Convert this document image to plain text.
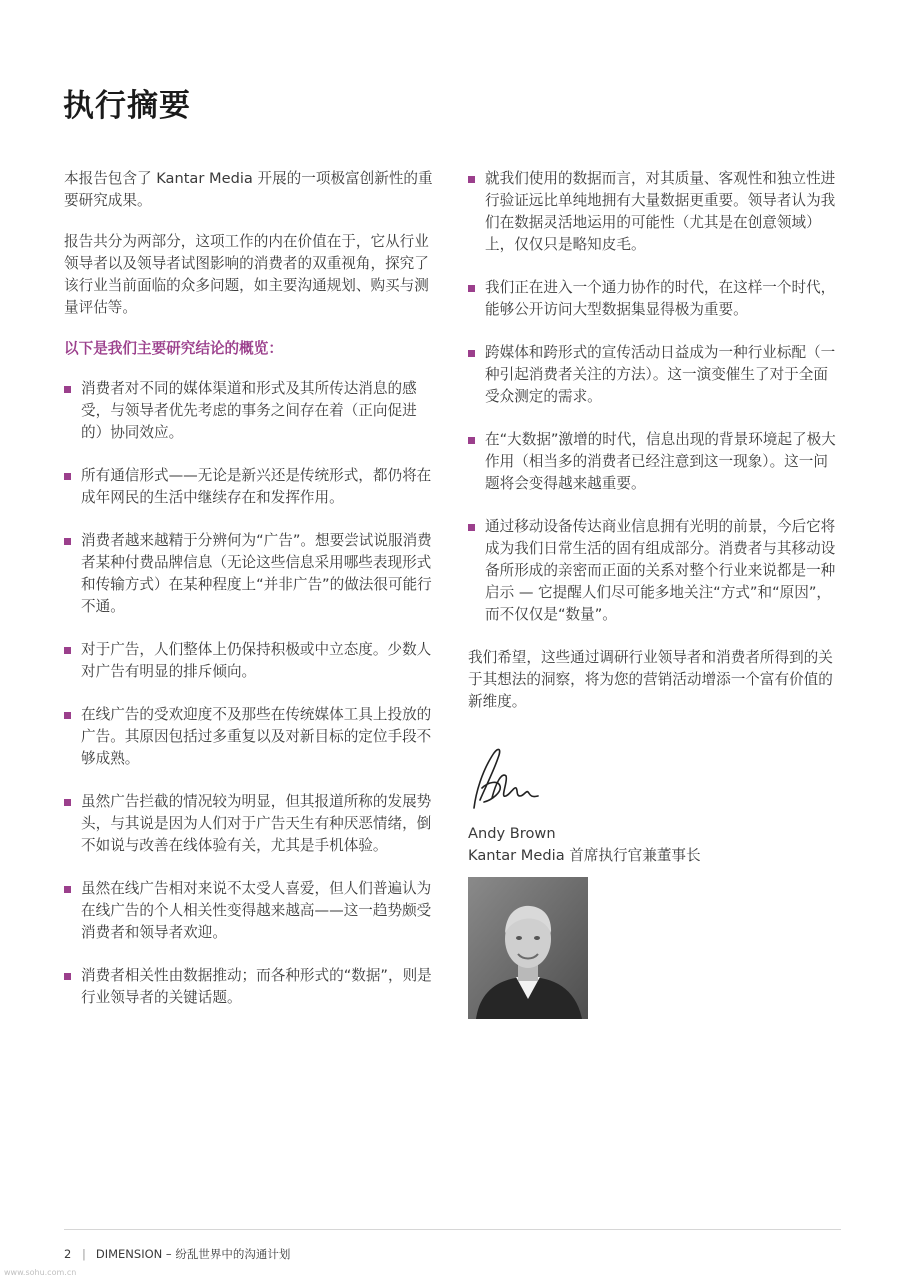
执行摘要

本报告包含了 Kantar Media 开展的一项极富创新性的重要研究成果。

报告共分为两部分，这项工作的内在价值在于，它从行业领导者以及领导者试图影响的消费者的双重视角，探究了该行业当前面临的众多问题，如主要沟通规划、购买与测量评估等。

以下是我们主要研究结论的概览：

消费者对不同的媒体渠道和形式及其所传达消息的感受，与领导者优先考虑的事务之间存在着（正向促进的）协同效应。
所有通信形式——无论是新兴还是传统形式，都仍将在成年网民的生活中继续存在和发挥作用。
消费者越来越精于分辨何为“广告”。想要尝试说服消费者某种付费品牌信息（无论这些信息采用哪些表现形式和传输方式）在某种程度上“并非广告”的做法很可能行不通。
对于广告，人们整体上仍保持积极或中立态度。少数人对广告有明显的排斥倾向。
在线广告的受欢迎度不及那些在传统媒体工具上投放的广告。其原因包括过多重复以及对新目标的定位手段不够成熟。
虽然广告拦截的情况较为明显，但其报道所称的发展势头，与其说是因为人们对于广告天生有种厌恶情绪，倒不如说与改善在线体验有关，尤其是手机体验。
虽然在线广告相对来说不太受人喜爱，但人们普遍认为在线广告的个人相关性变得越来越高——这一趋势颇受消费者和领导者欢迎。
消费者相关性由数据推动；而各种形式的“数据”，则是行业领导者的关键话题。
就我们使用的数据而言，对其质量、客观性和独立性进行验证远比单纯地拥有大量数据更重要。领导者认为我们在数据灵活地运用的可能性（尤其是在创意领域）上，仅仅只是略知皮毛。
我们正在进入一个通力协作的时代，在这样一个时代，能够公开访问大型数据集显得极为重要。
跨媒体和跨形式的宣传活动日益成为一种行业标配（一种引起消费者关注的方法）。这一演变催生了对于全面受众测定的需求。
在“大数据”激增的时代，信息出现的背景环境起了极大作用（相当多的消费者已经注意到这一现象）。这一问题将会变得越来越重要。
通过移动设备传达商业信息拥有光明的前景，今后它将成为我们日常生活的固有组成部分。消费者与其移动设备所形成的亲密而正面的关系对整个行业来说都是一种启示 — 它提醒人们尽可能多地关注“方式”和“原因”，而不仅仅是“数量”。

我们希望，这些通过调研行业领导者和消费者所得到的关于其想法的洞察，将为您的营销活动增添一个富有价值的新维度。

Andy Brown
Kantar Media 首席执行官兼董事长
2 | DIMENSION – 纷乱世界中的沟通计划
www.sohu.com.cn
